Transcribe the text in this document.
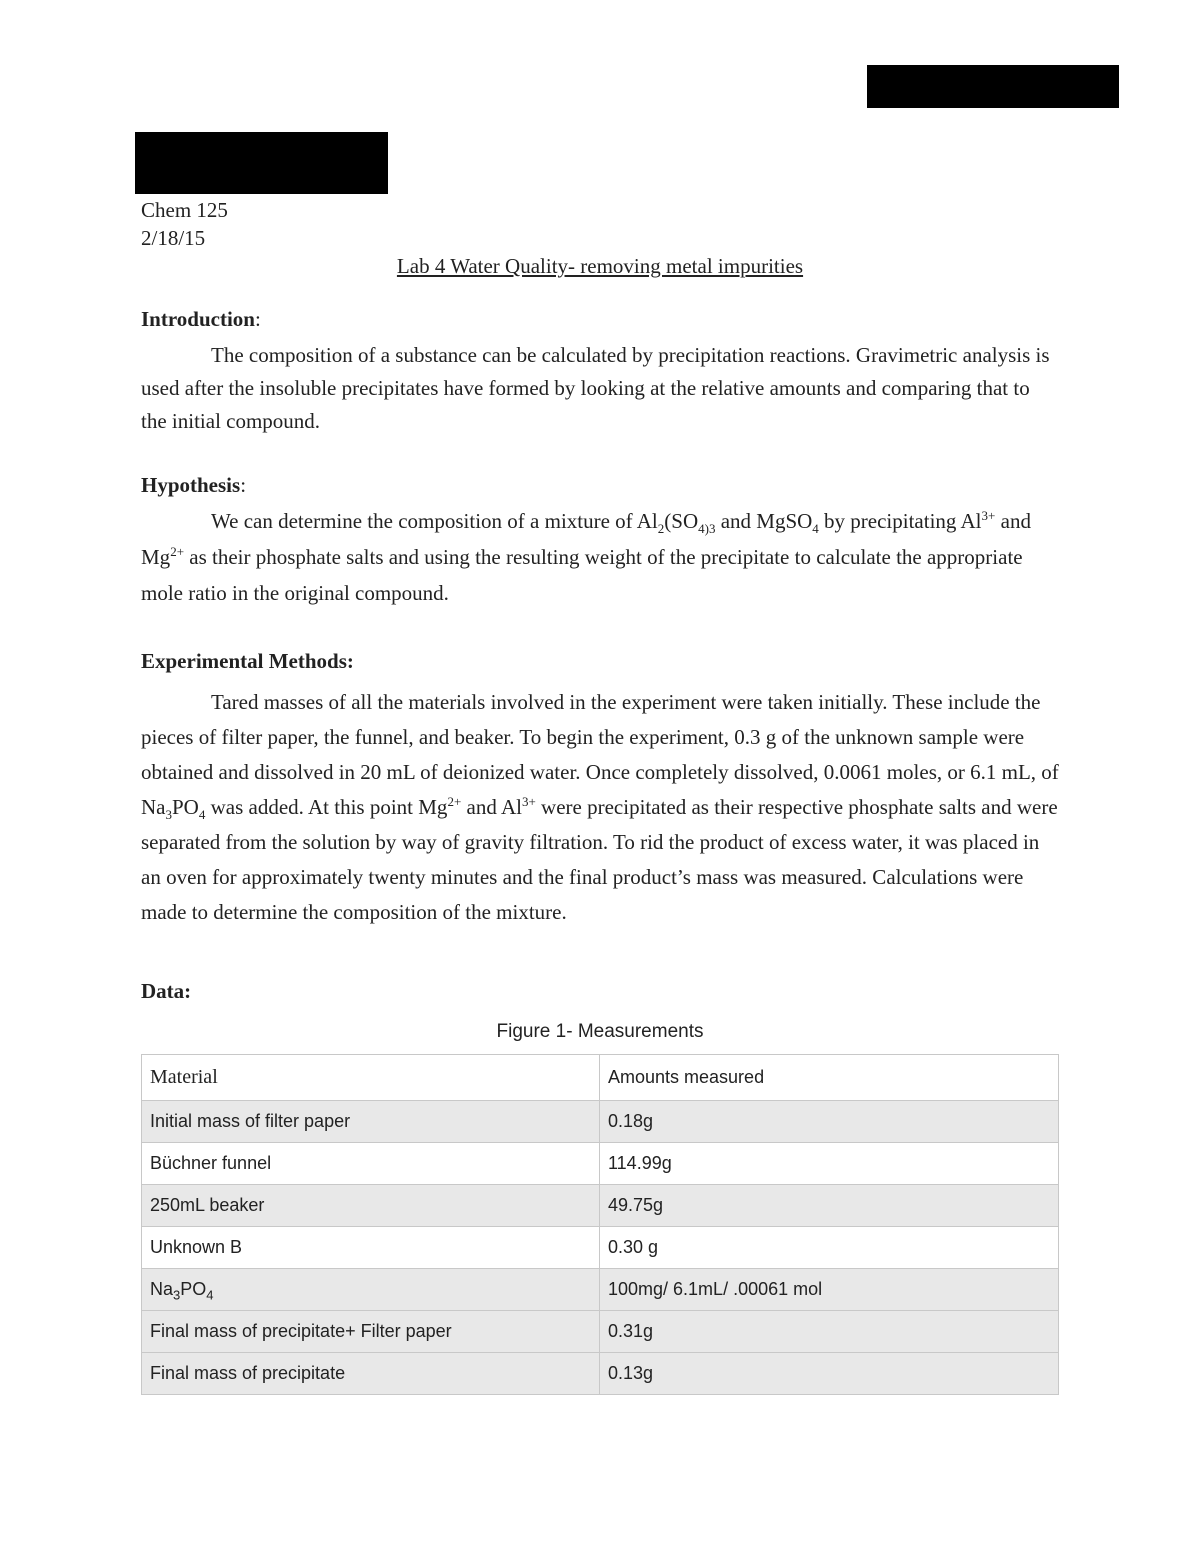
Chem 125
2/18/15
Lab 4 Water Quality- removing metal impurities
Introduction:

The composition of a substance can be calculated by precipitation reactions. Gravimetric analysis is used after the insoluble precipitates have formed by looking at the relative amounts and comparing that to the initial compound.

Hypothesis:

We can determine the composition of a mixture of $Al_2(SO_{4)3}$ and MgSO$_4$ by precipitating $Al^{3+}$ and $Mg^{2+}$ as their phosphate salts and using the resulting weight of the precipitate to calculate the appropriate mole ratio in the original compound.

Experimental Methods:

Tared masses of all the materials involved in the experiment were taken initially. These include the pieces of filter paper, the funnel, and beaker. To begin the experiment, 0.3 g of the unknown sample were obtained and dissolved in 20 mL of deionized water. Once completely dissolved, 0.0061 moles, or 6.1 mL, of $Na_3PO_4$ was added. At this point $Mg^{2+}$ and $Al^{3+}$ were precipitated as their respective phosphate salts and were separated from the solution by way of gravity filtration. To rid the product of excess water, it was placed in an oven for approximately twenty minutes and the final product’s mass was measured. Calculations were made to determine the composition of the mixture.

Data:
Figure 1- Measurements
Material	Amounts measured
Initial mass of filter paper	0.18g
Büchner funnel	114.99g
250mL beaker	49.75g
Unknown B	0.30 g
$Na_3PO_4$	100mg/ 6.1mL/ .00061 mol
Final mass of precipitate+ Filter paper	0.31g
Final mass of precipitate	0.13g
